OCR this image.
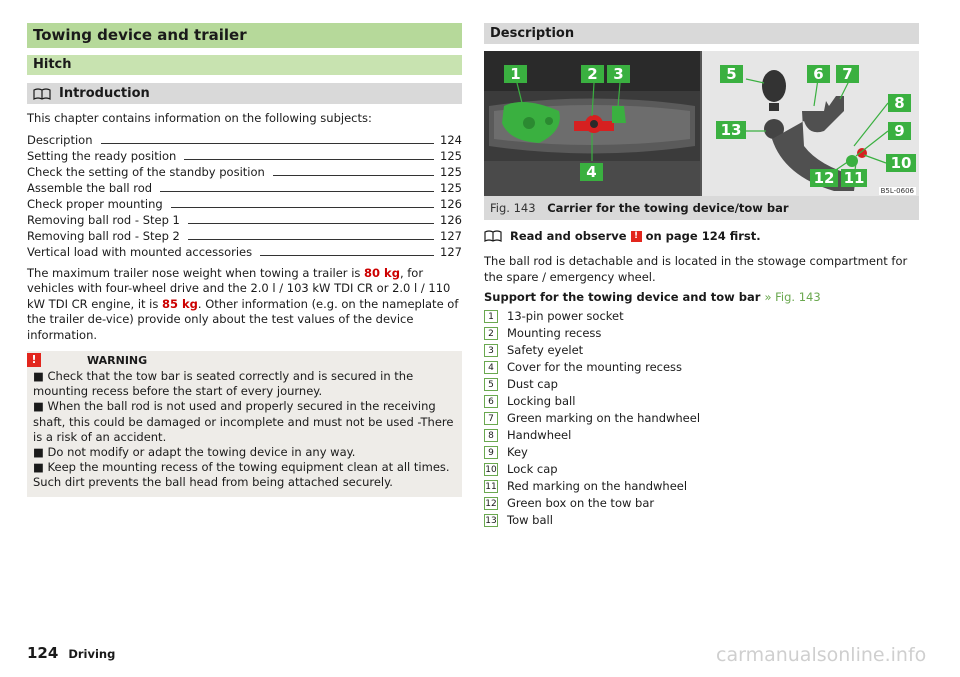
Towing device and trailer
Hitch
Introduction

This chapter contains information on the following subjects:

Description	124
Setting the ready position	125
Check the setting of the standby position	125
Assemble the ball rod	125
Check proper mounting	126
Removing ball rod - Step 1	126
Removing ball rod - Step 2	127
Vertical load with mounted accessories	127

The maximum trailer nose weight when towing a trailer is 80 kg, for vehicles with four-wheel drive and the 2.0 l / 103 kW TDI CR or 2.0 l / 110 kW TDI CR engine, it is 85 kg. Other information (e.g. on the nameplate of the trailer de-vice) provide only about the test values of the device information.

!	WARNING
■ Check that the tow bar is seated correctly and is secured in the mounting recess before the start of every journey.
■ When the ball rod is not used and properly secured in the receiving shaft, this could be damaged or incomplete and must not be used -There is a risk of an accident.
■ Do not modify or adapt the towing device in any way.
■ Keep the mounting recess of the towing equipment clean at all times. Such dirt prevents the ball head from being attached securely.
Description
1	2	3
4
5	6	7
8
9
10
11
12
13
B5L-0606
Fig. 143 Carrier for the towing device/tow bar
Read and observe ! on page 124 first.

The ball rod is detachable and is located in the stowage compartment for the spare / emergency wheel.

Support for the towing device and tow bar » Fig. 143

1	13-pin power socket
2	Mounting recess
3	Safety eyelet
4	Cover for the mounting recess
5	Dust cap
6	Locking ball
7	Green marking on the handwheel
8	Handwheel
9	Key
10 Lock cap
11 Red marking on the handwheel
12 Green box on the tow bar
13 Tow ball
124 Driving	carmanualsonline.info
